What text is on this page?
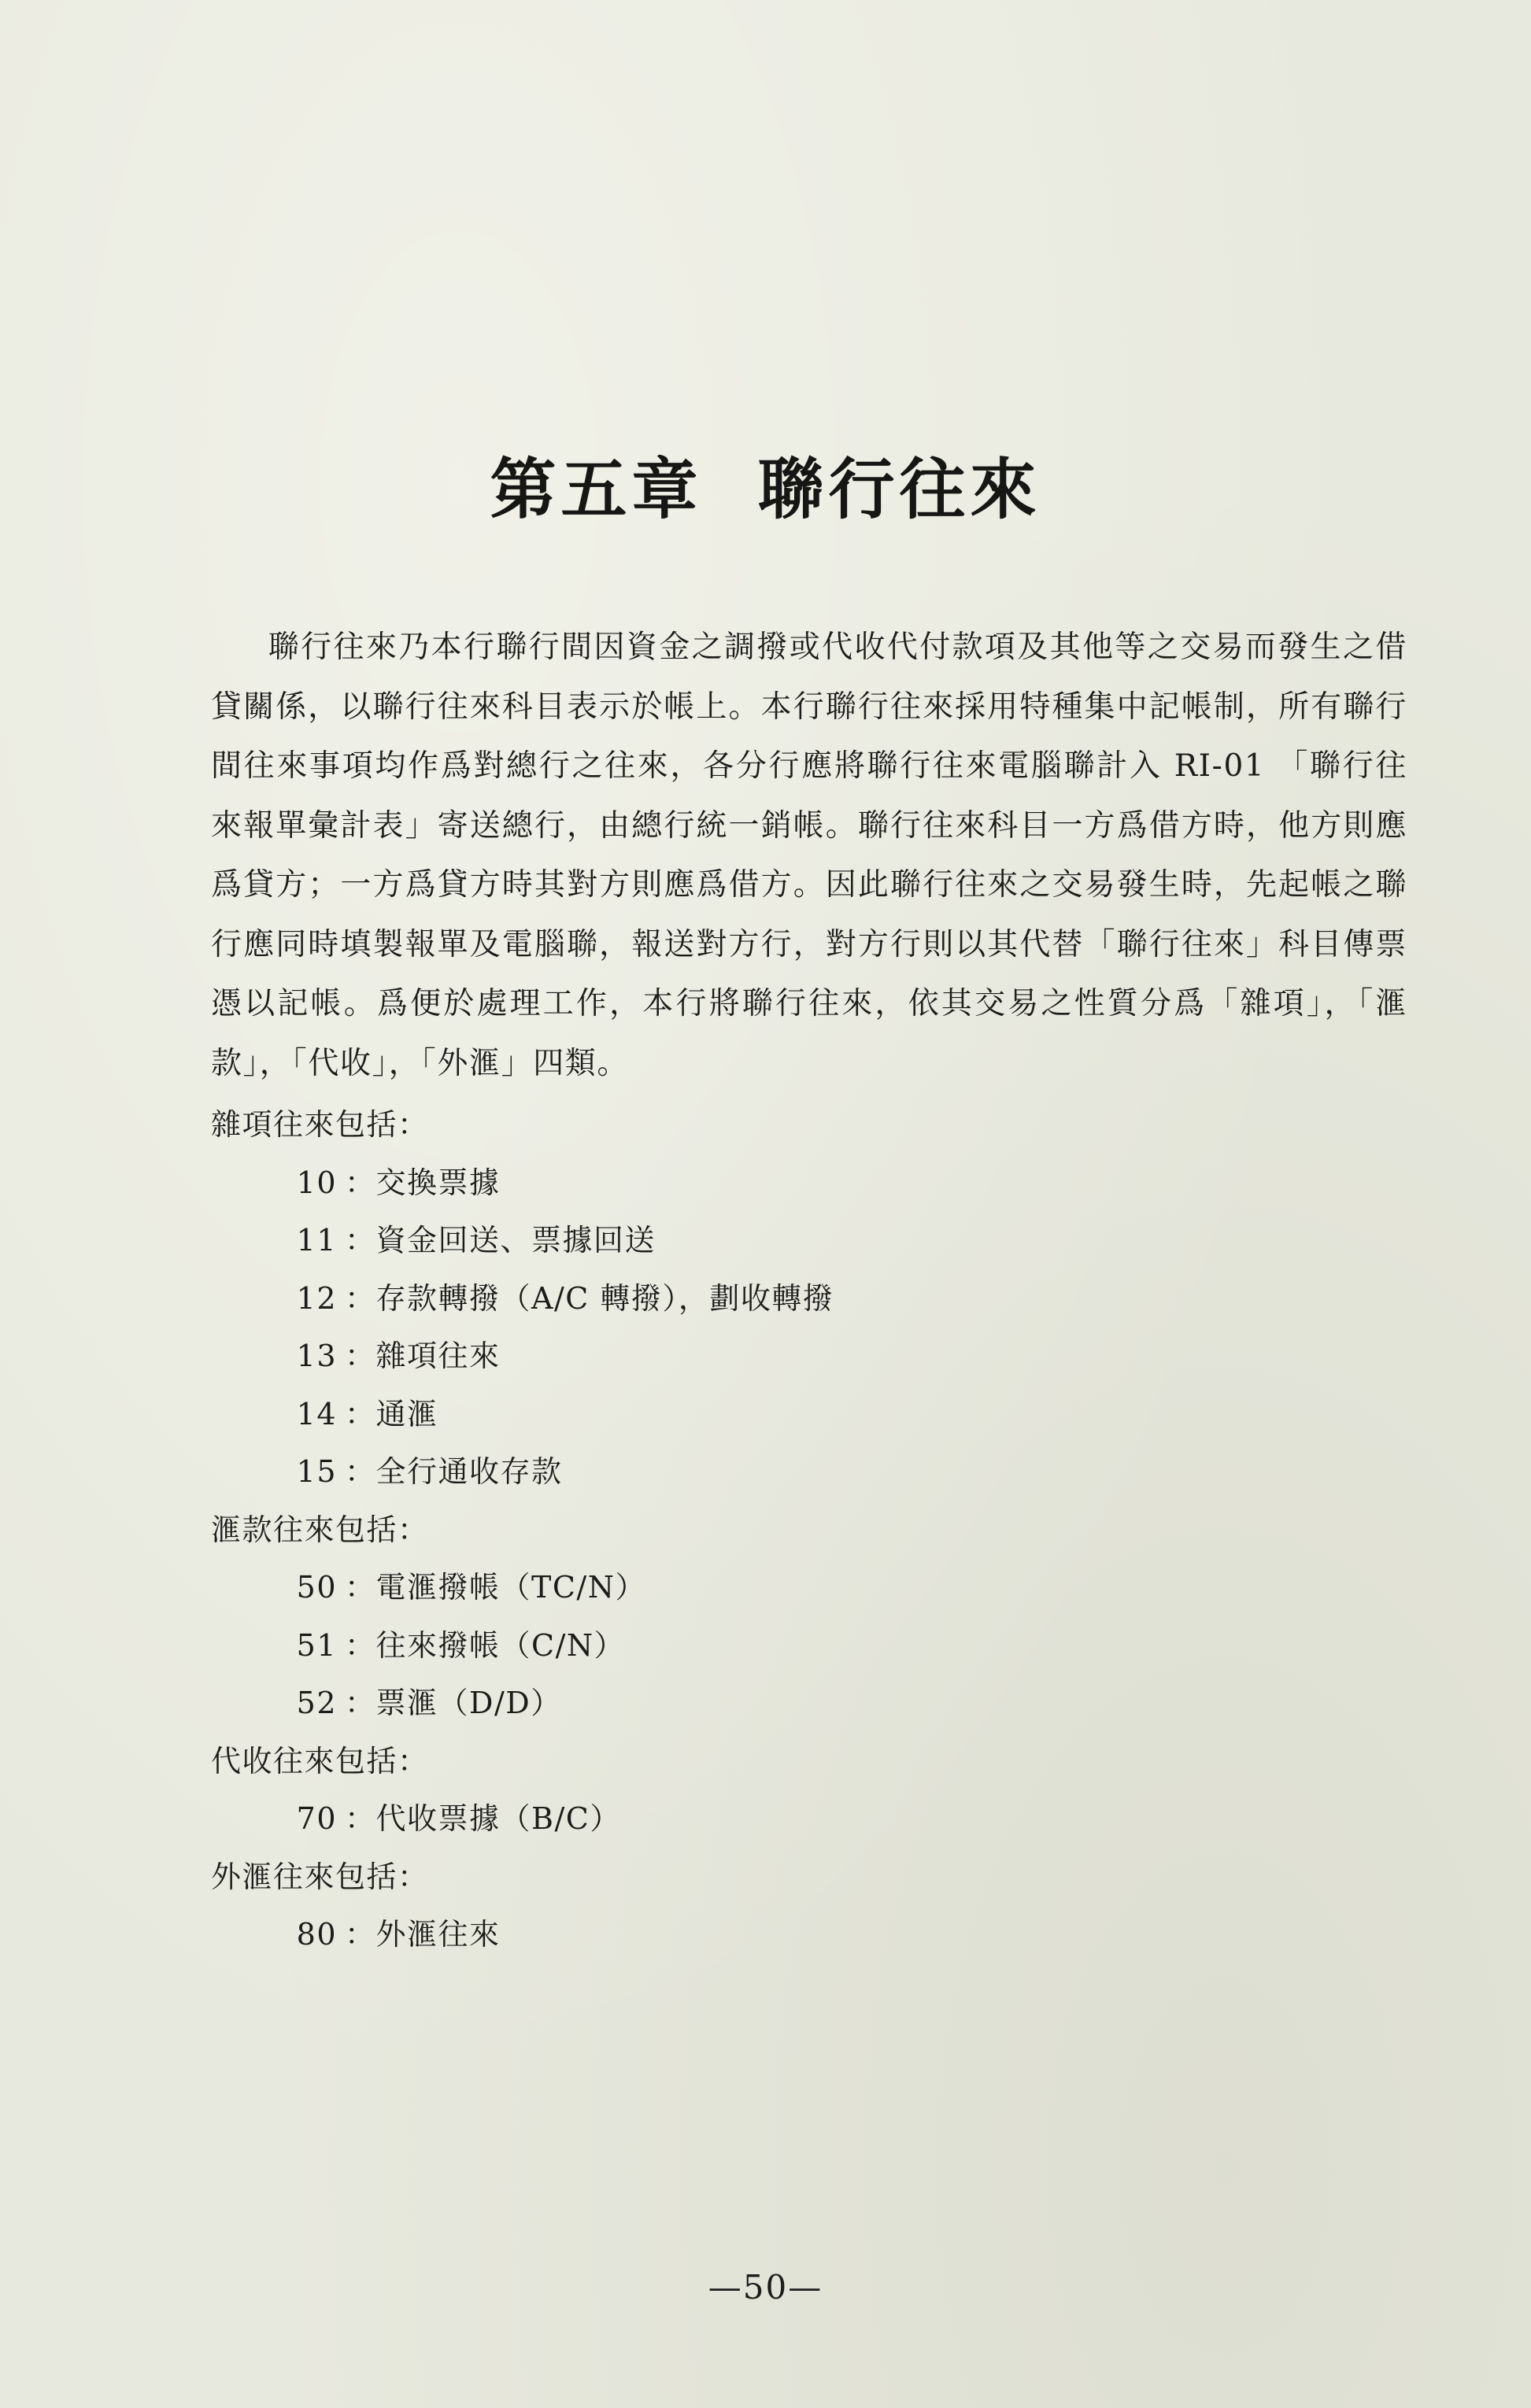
第五章 聯行往來

聯行往來乃本行聯行間因資金之調撥或代收代付款項及其他等之交易而發生之借貸關係，以聯行往來科目表示於帳上。本行聯行往來採用特種集中記帳制，所有聯行間往來事項均作爲對總行之往來，各分行應將聯行往來電腦聯計入 RI-01 「聯行往來報單彙計表」寄送總行，由總行統一銷帳。聯行往來科目一方爲借方時，他方則應爲貸方；一方爲貸方時其對方則應爲借方。因此聯行往來之交易發生時，先起帳之聯行應同時填製報單及電腦聯，報送對方行，對方行則以其代替「聯行往來」科目傳票憑以記帳。爲便於處理工作，本行將聯行往來，依其交易之性質分爲「雜項」，「滙款」，「代收」，「外滙」四類。

雜項往來包括：
10 ：交換票據
11 ：資金回送、票據回送
12 ：存款轉撥（A/C 轉撥），劃收轉撥
13 ：雜項往來
14 ：通滙
15 ：全行通收存款
滙款往來包括：
50 ：電滙撥帳（TC/N）
51 ：往來撥帳（C/N）
52 ：票滙（D/D）
代收往來包括：
70 ：代收票據（B/C）
外滙往來包括：
80 ：外滙往來
—50—
